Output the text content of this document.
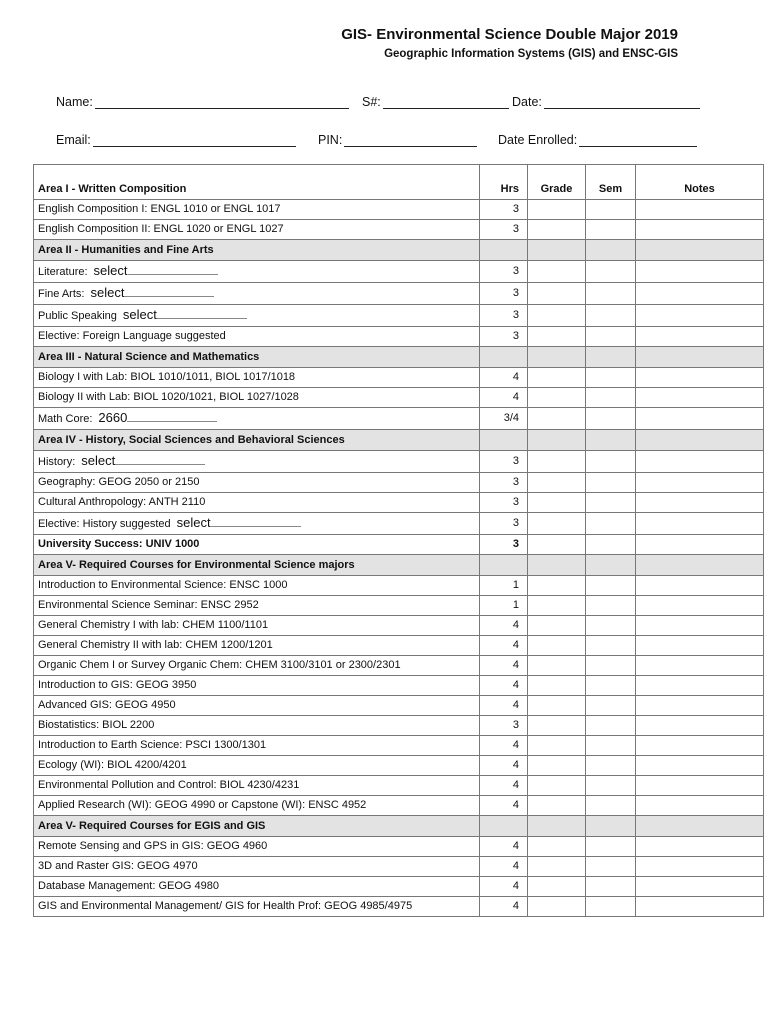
GIS- Environmental Science Double Major 2019
Geographic Information Systems (GIS) and ENSC-GIS
Name:	S#:	Date:
Email:	PIN:	Date Enrolled:
Area I - Written Composition	Hrs	Grade	Sem	Notes
English Composition I: ENGL 1010 or ENGL 1017	3			
English Composition II: ENGL 1020 or ENGL 1027	3			
Area II - Humanities and Fine Arts				
Literature: select	3			
Fine Arts: select	3			
Public Speaking select	3			
Elective: Foreign Language suggested	3			
Area III - Natural Science and Mathematics				
Biology I with Lab: BIOL 1010/1011, BIOL 1017/1018	4			
Biology II with Lab: BIOL 1020/1021, BIOL 1027/1028	4			
Math Core: 2660	3/4			
Area IV - History, Social Sciences and Behavioral Sciences				
History: select	3			
Geography: GEOG 2050 or 2150	3			
Cultural Anthropology: ANTH 2110	3			
Elective: History suggested select	3			
University Success: UNIV 1000	3			
Area V- Required Courses for Environmental Science majors				
Introduction to Environmental Science: ENSC 1000	1			
Environmental Science Seminar: ENSC 2952	1			
General Chemistry I with lab: CHEM 1100/1101	4			
General Chemistry II with lab: CHEM 1200/1201	4			
Organic Chem I or Survey Organic Chem: CHEM 3100/3101 or 2300/2301	4			
Introduction to GIS: GEOG 3950	4			
Advanced GIS: GEOG 4950	4			
Biostatistics: BIOL 2200	3			
Introduction to Earth Science: PSCI 1300/1301	4			
Ecology (WI): BIOL 4200/4201	4			
Environmental Pollution and Control: BIOL 4230/4231	4			
Applied Research (WI): GEOG 4990 or Capstone (WI): ENSC 4952	4			
Area V- Required Courses for EGIS and GIS				
Remote Sensing and GPS in GIS: GEOG 4960	4			
3D and Raster GIS: GEOG 4970	4			
Database Management: GEOG 4980	4			
GIS and Environmental Management/ GIS for Health Prof: GEOG 4985/4975	4			
